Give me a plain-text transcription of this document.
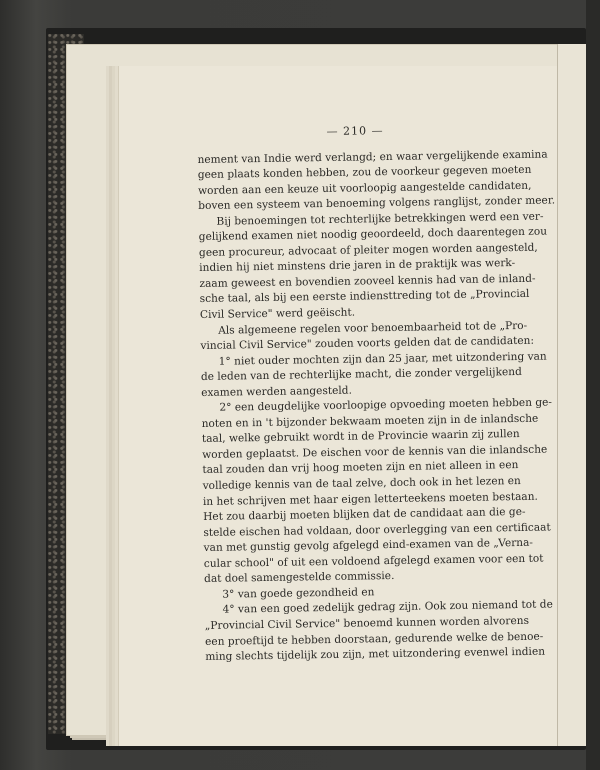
— 210 —
nement van Indie werd verlangd; en waar vergelijkende examina
geen plaats konden hebben, zou de voorkeur gegeven moeten
worden aan een keuze uit voorloopig aangestelde candidaten,
boven een systeem van benoeming volgens ranglijst, zonder meer.
Bij benoemingen tot rechterlijke betrekkingen werd een ver-
gelijkend examen niet noodig geoordeeld, doch daarentegen zou
geen procureur, advocaat of pleiter mogen worden aangesteld,
indien hij niet minstens drie jaren in de praktijk was werk-
zaam geweest en bovendien zooveel kennis had van de inland-
sche taal, als bij een eerste indiensttreding tot de „Provincial
Civil Service" werd geëischt.
Als algemeene regelen voor benoembaarheid tot de „Pro-
vincial Civil Service" zouden voorts gelden dat de candidaten:
1° niet ouder mochten zijn dan 25 jaar, met uitzondering van
de leden van de rechterlijke macht, die zonder vergelijkend
examen werden aangesteld.
2° een deugdelijke voorloopige opvoeding moeten hebben ge-
noten en in 't bijzonder bekwaam moeten zijn in de inlandsche
taal, welke gebruikt wordt in de Provincie waarin zij zullen
worden geplaatst. De eischen voor de kennis van die inlandsche
taal zouden dan vrij hoog moeten zijn en niet alleen in een
volledige kennis van de taal zelve, doch ook in het lezen en
in het schrijven met haar eigen letterteekens moeten bestaan.
Het zou daarbij moeten blijken dat de candidaat aan die ge-
stelde eischen had voldaan, door overlegging van een certificaat
van met gunstig gevolg afgelegd eind-examen van de „Verna-
cular school" of uit een voldoend afgelegd examen voor een tot
dat doel samengestelde commissie.
3° van goede gezondheid en
4° van een goed zedelijk gedrag zijn. Ook zou niemand tot de
„Provincial Civil Service" benoemd kunnen worden alvorens
een proeftijd te hebben doorstaan, gedurende welke de benoe-
ming slechts tijdelijk zou zijn, met uitzondering evenwel indien
